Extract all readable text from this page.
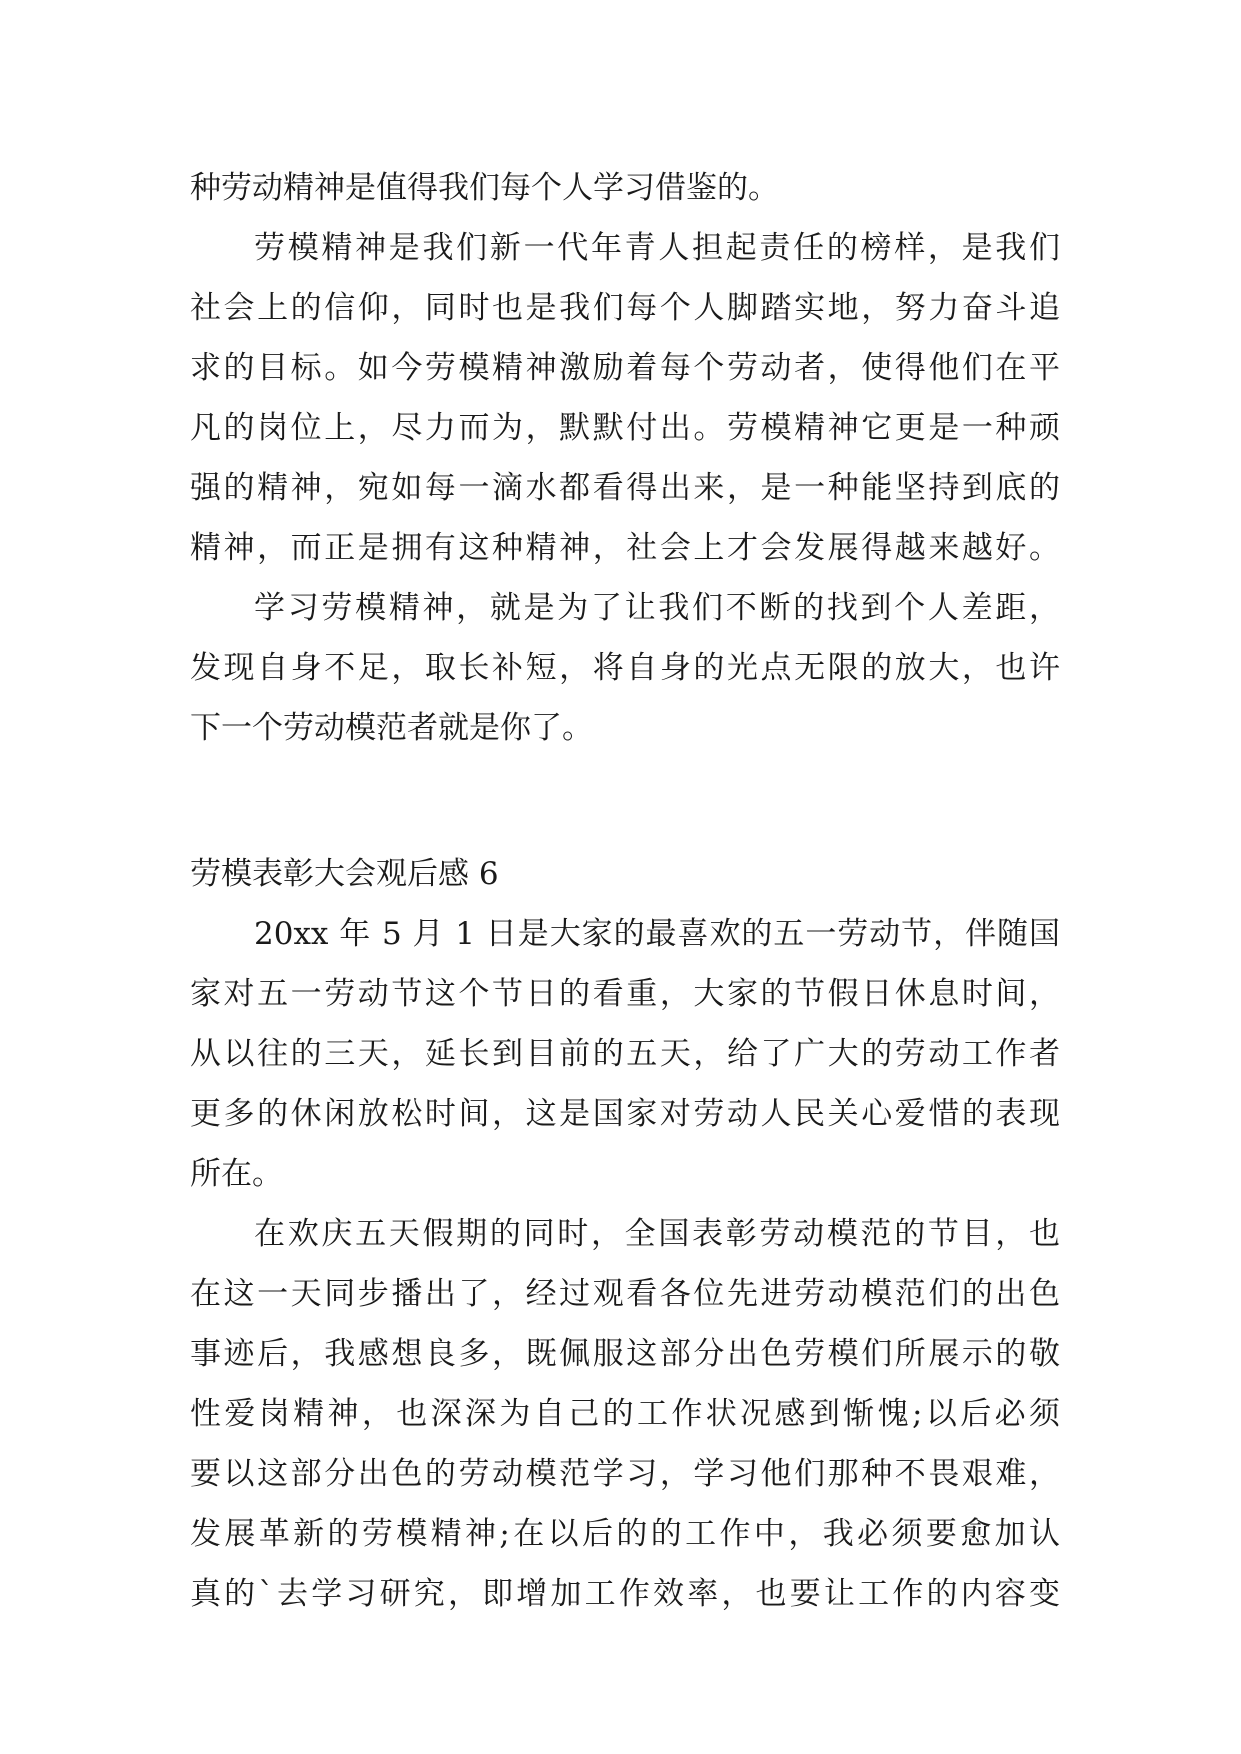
种劳动精神是值得我们每个人学习借鉴的。
劳模精神是我们新一代年青人担起责任的榜样，是我们
社会上的信仰，同时也是我们每个人脚踏实地，努力奋斗追
求的目标。如今劳模精神激励着每个劳动者，使得他们在平
凡的岗位上，尽力而为，默默付出。劳模精神它更是一种顽
强的精神，宛如每一滴水都看得出来，是一种能坚持到底的
精神，而正是拥有这种精神，社会上才会发展得越来越好。
学习劳模精神，就是为了让我们不断的找到个人差距，
发现自身不足，取长补短，将自身的光点无限的放大，也许
下一个劳动模范者就是你了。
劳模表彰大会观后感 6
20xx 年 5 月 1 日是大家的最喜欢的五一劳动节，伴随国
家对五一劳动节这个节日的看重，大家的节假日休息时间，
从以往的三天，延长到目前的五天，给了广大的劳动工作者
更多的休闲放松时间，这是国家对劳动人民关心爱惜的表现
所在。
在欢庆五天假期的同时，全国表彰劳动模范的节目，也
在这一天同步播出了，经过观看各位先进劳动模范们的出色
事迹后，我感想良多，既佩服这部分出色劳模们所展示的敬
性爱岗精神，也深深为自己的工作状况感到惭愧;以后必须
要以这部分出色的劳动模范学习，学习他们那种不畏艰难，
发展革新的劳模精神;在以后的的工作中，我必须要愈加认
真的`去学习研究，即增加工作效率，也要让工作的内容变
